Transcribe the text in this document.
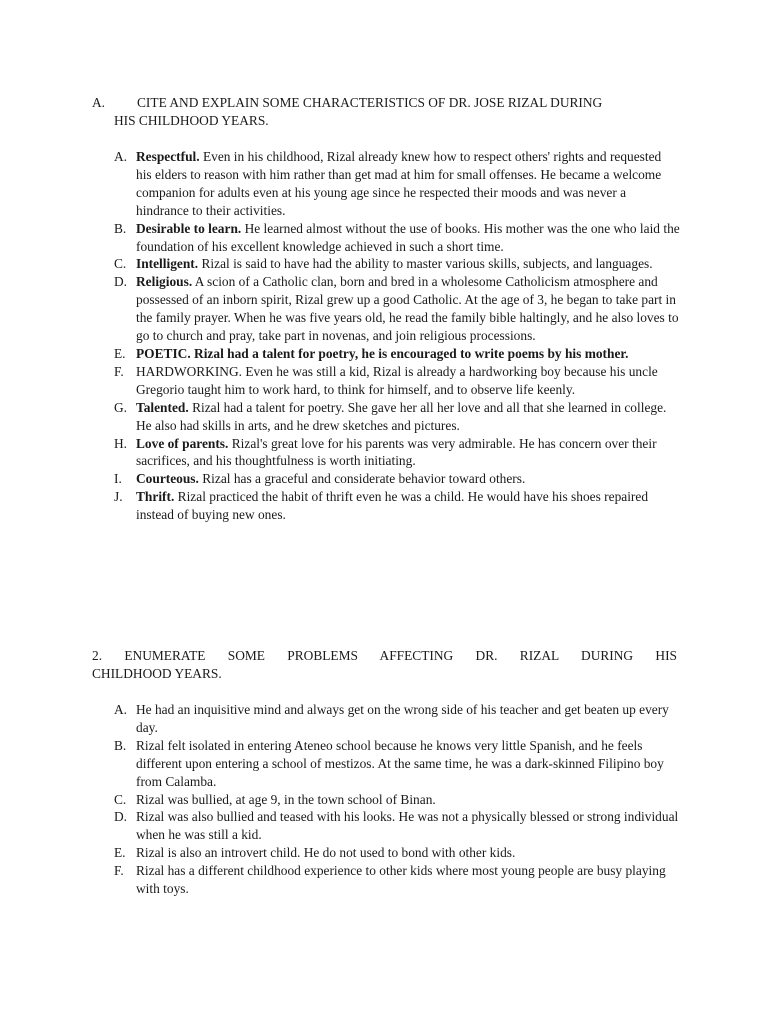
A. CITE AND EXPLAIN SOME CHARACTERISTICS OF DR. JOSE RIZAL DURING
HIS CHILDHOOD YEARS.
A. Respectful. Even in his childhood, Rizal already knew how to respect others' rights and requested his elders to reason with him rather than get mad at him for small offenses. He became a welcome companion for adults even at his young age since he respected their moods and was never a hindrance to their activities.
B. Desirable to learn. He learned almost without the use of books. His mother was the one who laid the foundation of his excellent knowledge achieved in such a short time.
C. Intelligent. Rizal is said to have had the ability to master various skills, subjects, and languages.
D. Religious. A scion of a Catholic clan, born and bred in a wholesome Catholicism atmosphere and possessed of an inborn spirit, Rizal grew up a good Catholic. At the age of 3, he began to take part in the family prayer. When he was five years old, he read the family bible haltingly, and he also loves to go to church and pray, take part in novenas, and join religious processions.
E. POETIC. Rizal had a talent for poetry, he is encouraged to write poems by his mother.
F. HARDWORKING. Even he was still a kid, Rizal is already a hardworking boy because his uncle Gregorio taught him to work hard, to think for himself, and to observe life keenly.
G. Talented. Rizal had a talent for poetry. She gave her all her love and all that she learned in college. He also had skills in arts, and he drew sketches and pictures.
H. Love of parents. Rizal's great love for his parents was very admirable. He has concern over their sacrifices, and his thoughtfulness is worth initiating.
I. Courteous. Rizal has a graceful and considerate behavior toward others.
J. Thrift. Rizal practiced the habit of thrift even he was a child. He would have his shoes repaired instead of buying new ones.
2. ENUMERATE SOME PROBLEMS AFFECTING DR. RIZAL DURING HIS
CHILDHOOD YEARS.
A. He had an inquisitive mind and always get on the wrong side of his teacher and get beaten up every day.
B. Rizal felt isolated in entering Ateneo school because he knows very little Spanish, and he feels different upon entering a school of mestizos. At the same time, he was a dark-skinned Filipino boy from Calamba.
C. Rizal was bullied, at age 9, in the town school of Binan.
D. Rizal was also bullied and teased with his looks. He was not a physically blessed or strong individual when he was still a kid.
E. Rizal is also an introvert child. He do not used to bond with other kids.
F. Rizal has a different childhood experience to other kids where most young people are busy playing with toys.
